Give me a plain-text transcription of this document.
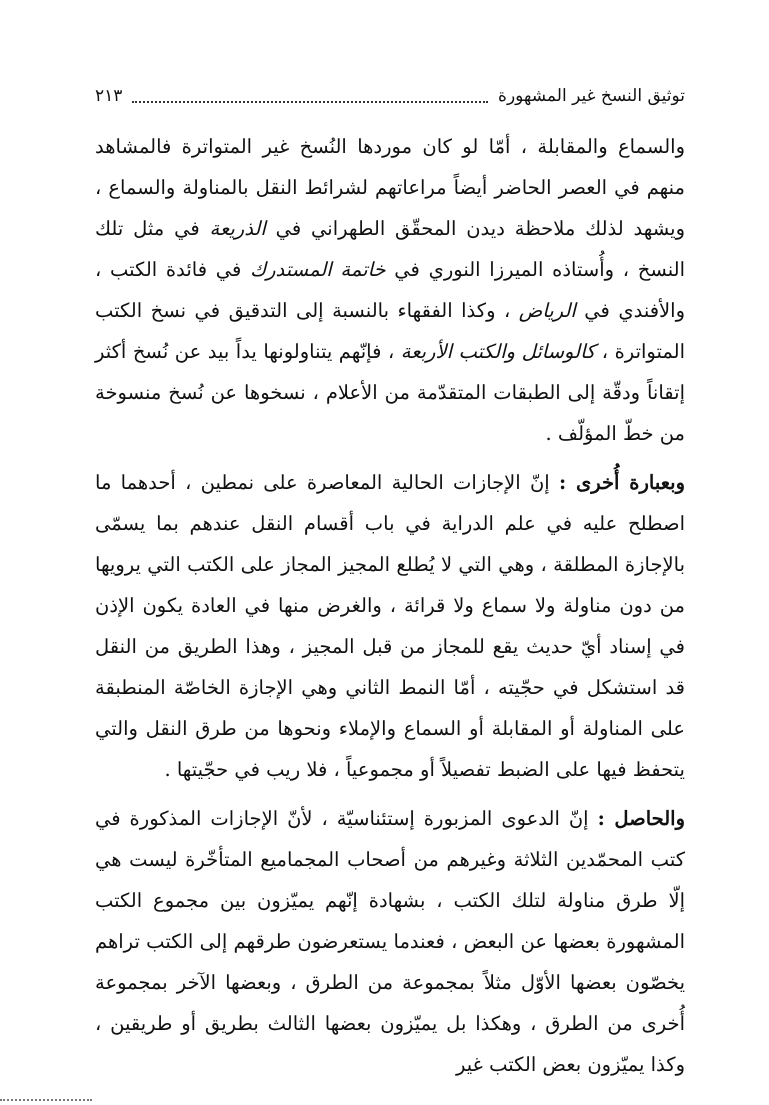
توثيق النسخ غير المشهورة
٢١٣

والسماع والمقابلة ، أمّا لو كان موردها النُسخ غير المتواترة فالمشاهد منهم في العصر الحاضر أيضاً مراعاتهم لشرائط النقل بالمناولة والسماع ، ويشهد لذلك ملاحظة ديدن المحقّق الطهراني في الذريعة في مثل تلك النسخ ، وأُستاذه الميرزا النوري في خاتمة المستدرك في فائدة الكتب ، والأفندي في الرياض ، وكذا الفقهاء بالنسبة إلى التدقيق في نسخ الكتب المتواترة ، كالوسائل والكتب الأربعة ، فإنّهم يتناولونها يداً بيد عن نُسخ أكثر إتقاناً ودقّة إلى الطبقات المتقدّمة من الأعلام ، نسخوها عن نُسخ منسوخة من خطّ المؤلّف .

وبعبارة أُخرى : إنّ الإجازات الحالية المعاصرة على نمطين ، أحدهما ما اصطلح عليه في علم الدراية في باب أقسام النقل عندهم بما يسمّى بالإجازة المطلقة ، وهي التي لا يُطلع المجيز المجاز على الكتب التي يرويها من دون مناولة ولا سماع ولا قرائة ، والغرض منها في العادة يكون الإذن في إسناد أيّ حديث يقع للمجاز من قبل المجيز ، وهذا الطريق من النقل قد استشكل في حجّيته ، أمّا النمط الثاني وهي الإجازة الخاصّة المنطبقة على المناولة أو المقابلة أو السماع والإملاء ونحوها من طرق النقل والتي يتحفظ فيها على الضبط تفصيلاً أو مجموعياً ، فلا ريب في حجّيتها .

والحاصل : إنّ الدعوى المزبورة إستئناسيّة ، لأنّ الإجازات المذكورة في كتب المحمّدين الثلاثة وغيرهم من أصحاب المجماميع المتأخّرة ليست هي إلّا طرق مناولة لتلك الكتب ، بشهادة إنّهم يميّزون بين مجموع الكتب المشهورة بعضها عن البعض ، فعندما يستعرضون طرقهم إلى الكتب تراهم يخصّون بعضها الأوّل مثلاً بمجموعة من الطرق ، وبعضها الآخر بمجموعة أُخرى من الطرق ، وهكذا بل يميّزون بعضها الثالث بطريق أو طريقين ، وكذا يميّزون بعض الكتب غير
